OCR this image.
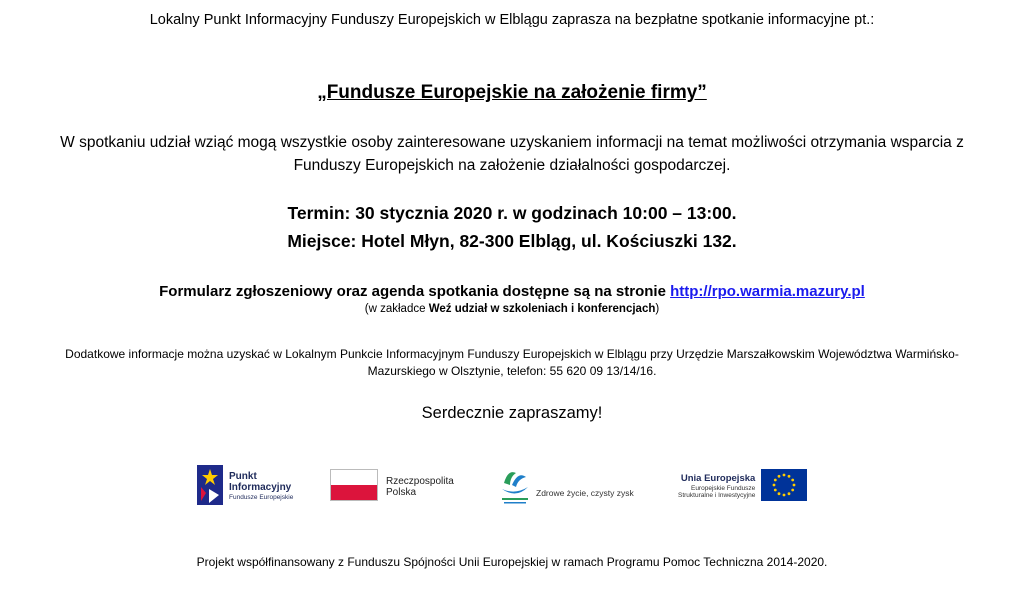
Lokalny Punkt Informacyjny Funduszy Europejskich w Elblągu zaprasza na bezpłatne spotkanie informacyjne pt.:
„Fundusze Europejskie na założenie firmy”
W spotkaniu udział wziąć mogą wszystkie osoby zainteresowane uzyskaniem informacji na temat możliwości otrzymania wsparcia z
Funduszy Europejskich na założenie działalności gospodarczej.
Termin: 30 stycznia 2020 r. w godzinach 10:00 – 13:00.
Miejsce: Hotel Młyn, 82-300 Elbląg, ul. Kościuszki 132.
Formularz zgłoszeniowy oraz agenda spotkania dostępne są na stronie http://rpo.warmia.mazury.pl
(w zakładce Weź udział w szkoleniach i konferencjach)
Dodatkowe informacje można uzyskać w Lokalnym Punkcie Informacyjnym Funduszy Europejskich w Elblągu przy Urzędzie Marszałkowskim Województwa Warmińsko-
Mazurskiego w Olsztynie, telefon: 55 620 09 13/14/16.
Serdecznie zapraszamy!
Punkt
Informacyjny
Fundusze Europejskie
Rzeczpospolita
Polska	Zdrowe życie, czysty zysk
Unia Europejska
Europejskie Fundusze
Strukturalne i Inwestycyjne
Projekt współfinansowany z Funduszu Spójności Unii Europejskiej w ramach Programu Pomoc Techniczna 2014-2020.
